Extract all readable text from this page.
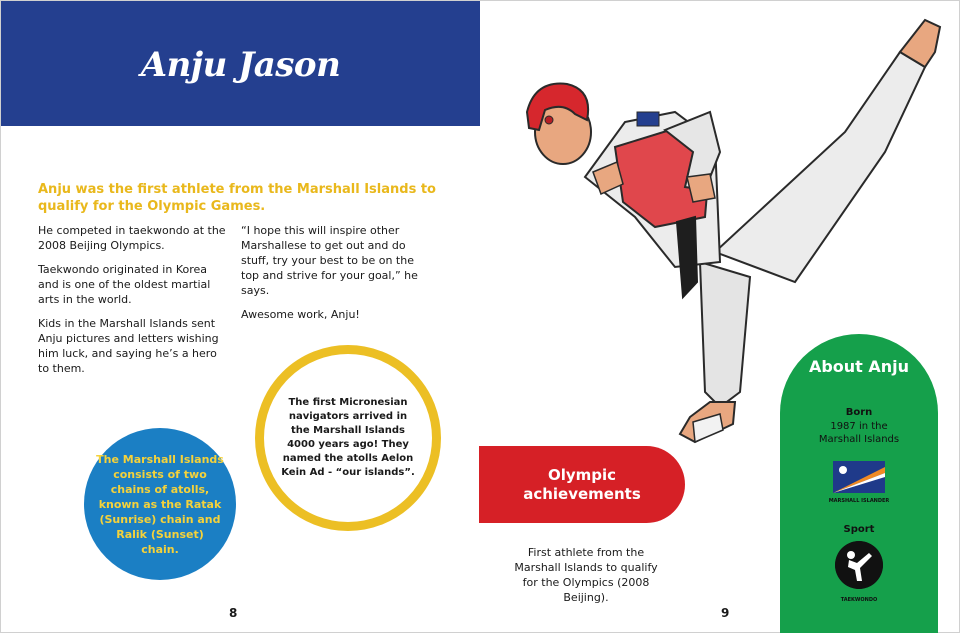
Anju Jason
Anju was the first athlete from the Marshall Islands to qualify for the Olympic Games.

He competed in taekwondo at the 2008 Beijing Olympics.

Taekwondo originated in Korea and is one of the oldest martial arts in the world.

Kids in the Marshall Islands sent Anju pictures and letters wishing him luck, and saying he’s a hero to them.

“I hope this will inspire other Marshallese to get out and do stuff, try your best to be on the top and strive for your goal,” he says.

Awesome work, Anju!

The first Micronesian navigators arrived in the Marshall Islands 4000 years ago! They named the atolls Aelon Kein Ad - “our islands”.
The Marshall Islands consists of two chains of atolls, known as the Ratak (Sunrise) chain and Ralik (Sunset) chain.
8
Olympic achievements
First athlete from the Marshall Islands to qualify for the Olympics (2008 Beijing).
9
About Anju
Born
1987 in the Marshall Islands
MARSHALL ISLANDER
Sport
TAEKWONDO
